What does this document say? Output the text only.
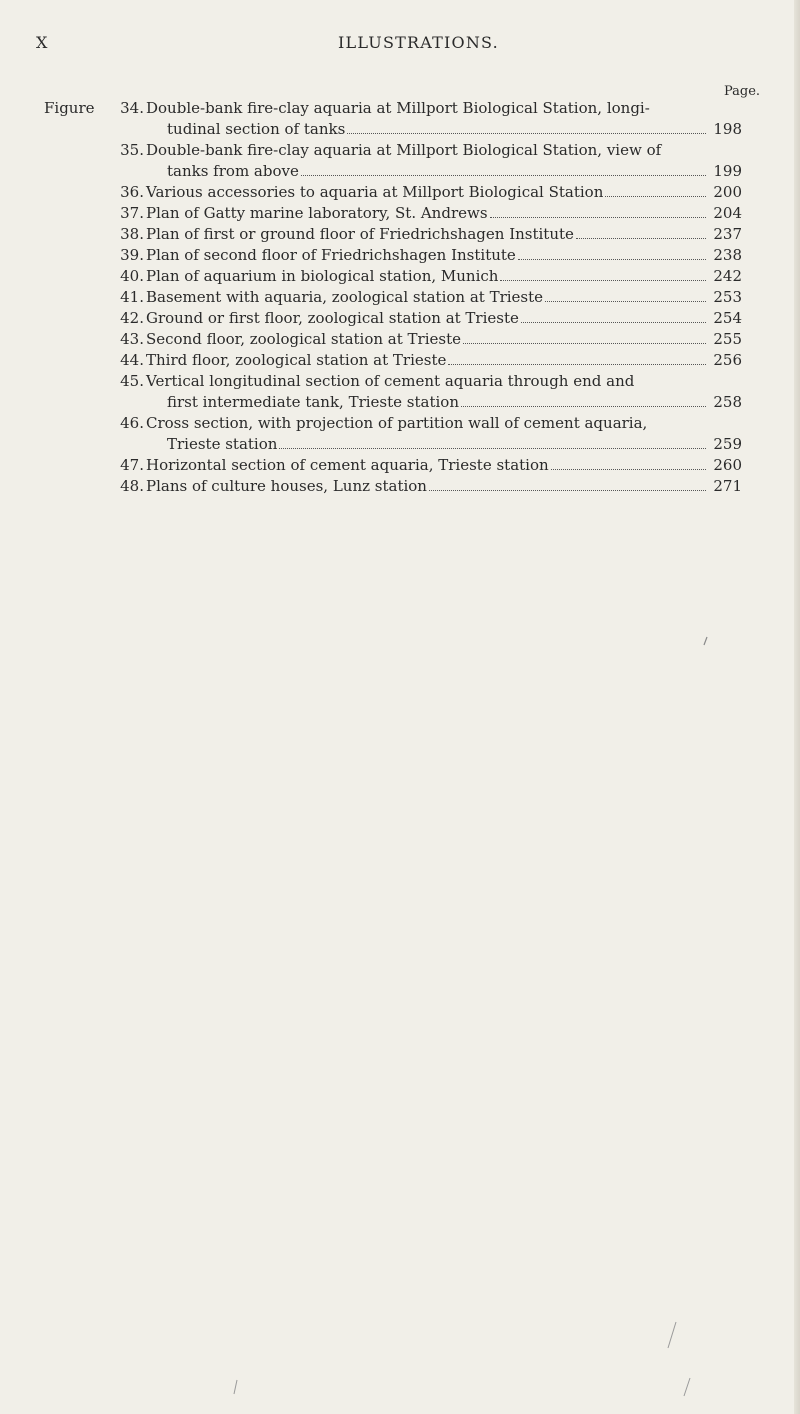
X	ILLUSTRATIONS.
Page.
Figure	34. Double-bank fire-clay aquaria at Millport Biological Station, longi-
tudinal section of tanks	198
35. Double-bank fire-clay aquaria at Millport Biological Station, view of
tanks from above	199
36. Various accessories to aquaria at Millport Biological Station	200
37. Plan of Gatty marine laboratory, St. Andrews	204
38. Plan of first or ground floor of Friedrichshagen Institute	237
39. Plan of second floor of Friedrichshagen Institute	238
40. Plan of aquarium in biological station, Munich	242
41. Basement with aquaria, zoological station at Trieste	253
42. Ground or first floor, zoological station at Trieste	254
43. Second floor, zoological station at Trieste	255
44. Third floor, zoological station at Trieste	256
45. Vertical longitudinal section of cement aquaria through end and
first intermediate tank, Trieste station	258
46. Cross section, with projection of partition wall of cement aquaria,
Trieste station	259
47. Horizontal section of cement aquaria, Trieste station	260
48. Plans of culture houses, Lunz station	271
